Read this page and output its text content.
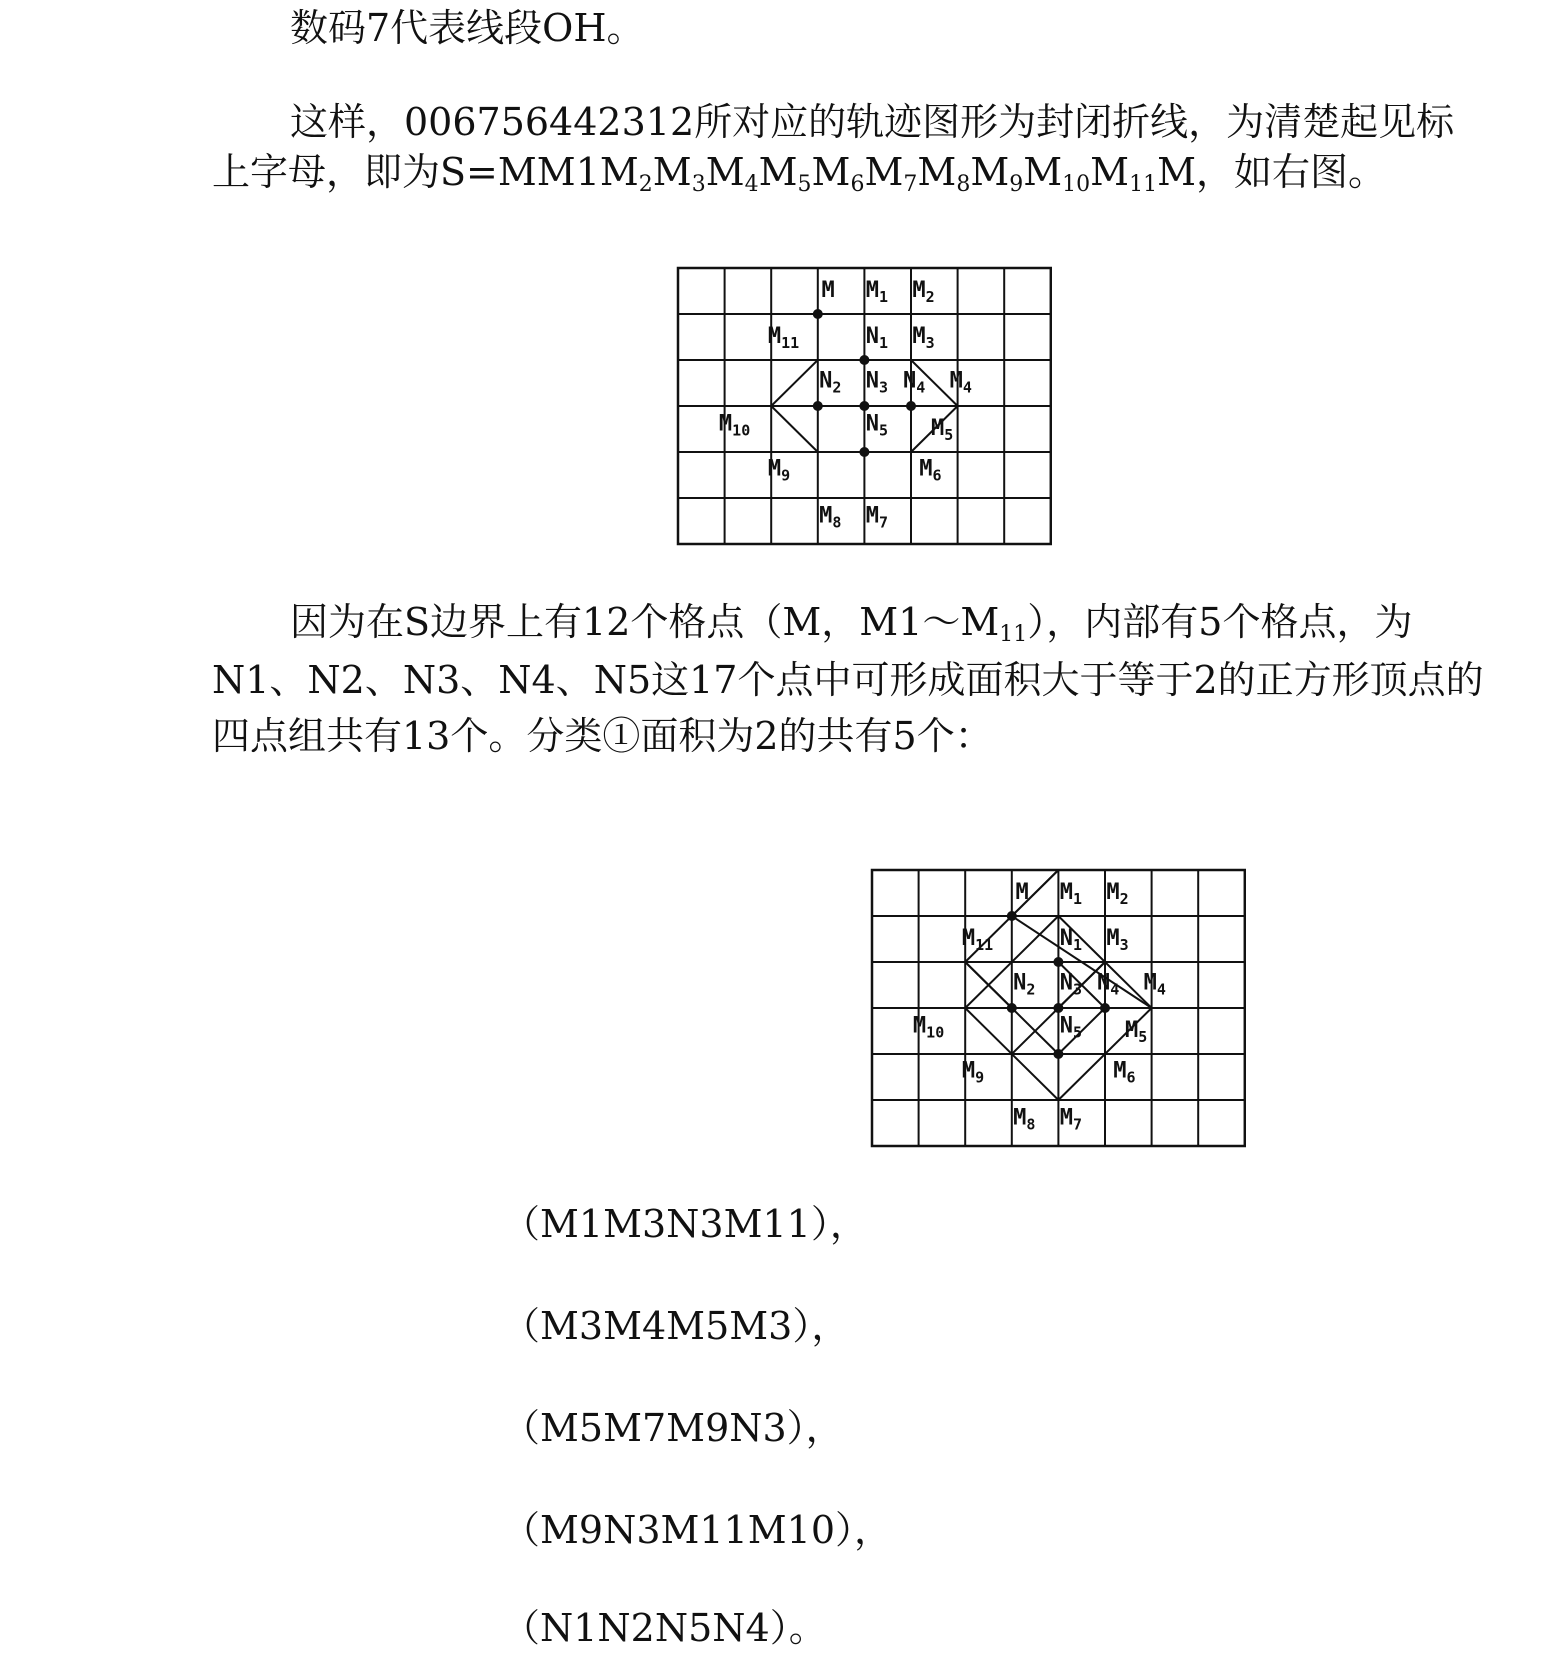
数码7代表线段OH。
这样，006756442312所对应的轨迹图形为封闭折线，为清楚起见标
上字母，即为$S=MM1M_2M_3M_4M_5M_6M_7M_8M_9M_{10}M_{11}M$，如右图。
M $M_1$ $M_2$
$M_{11}$	$N_1$ $M_3$
$N_2$ $N_3$ $N_4$ $M_4$
$M_{10}$	$N_5$ $M_5$
$M_9$	$M_6$
$M_8$ $M_7$
因为在S边界上有12个格点（M，$M1\sim M_{11}$），内部有5个格点，为
N1、N2、N3、N4、N5这17个点中可形成面积大于等于2的正方形顶点的
四点组共有13个。分类①面积为2的共有5个：
M $M_1$ $M_2$
$M_{11}$	$N_1$ $M_3$
$N_2$ $N_3$ $N_4$ $M_4$
$M_{10}$	$N_5$ $M_5$
$M_9$	$M_6$
$M_8$ $M_7$
（M1M3N3M11），
（M3M4M5M3），
（M5M7M9N3），
（M9N3M11M10），
（N1N2N5N4）。
